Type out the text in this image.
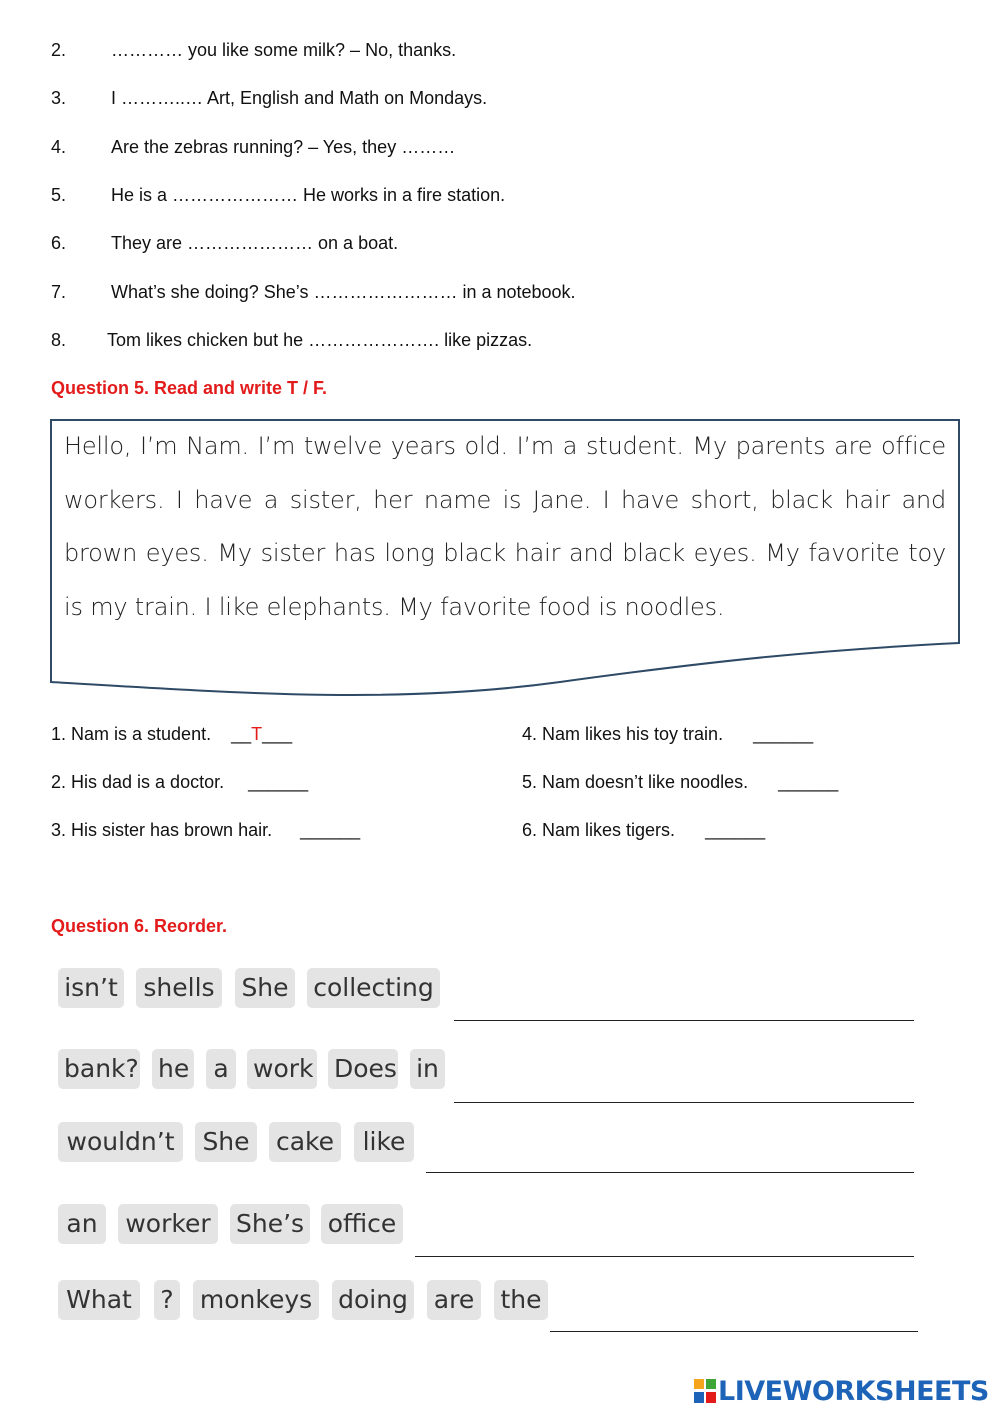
2. ………… you like some milk? – No, thanks.
3. I ………..… Art, English and Math on Mondays.
4. Are the zebras running? – Yes, they ………
5. He is a ………………… He works in a fire station.
6. They are ………………… on a boat.
7. What’s she doing? She’s …………………… in a notebook.
8. Tom likes chicken but he …………………. like pizzas.
Question 5. Read and write T / F.
Hello, I’m Nam. I’m twelve years old. I’m a student. My parents are office workers. I have a sister, her name is Jane. I have short, black hair and brown eyes. My sister has long black hair and black eyes. My favorite toy is my train. I like elephants. My favorite food is noodles.
1. Nam is a student. __T___
2. His dad is a doctor. ______
3. His sister has brown hair. ______
4. Nam likes his toy train. ______
5. Nam doesn’t like noodles. ______
6. Nam likes tigers. ______
Question 6. Reorder.
isn’t shells She collecting
bank? he a work Does in
wouldn’t	She cake	like
an	worker She’s office
What	? monkeys doing are the
LIVEWORKSHEETS
